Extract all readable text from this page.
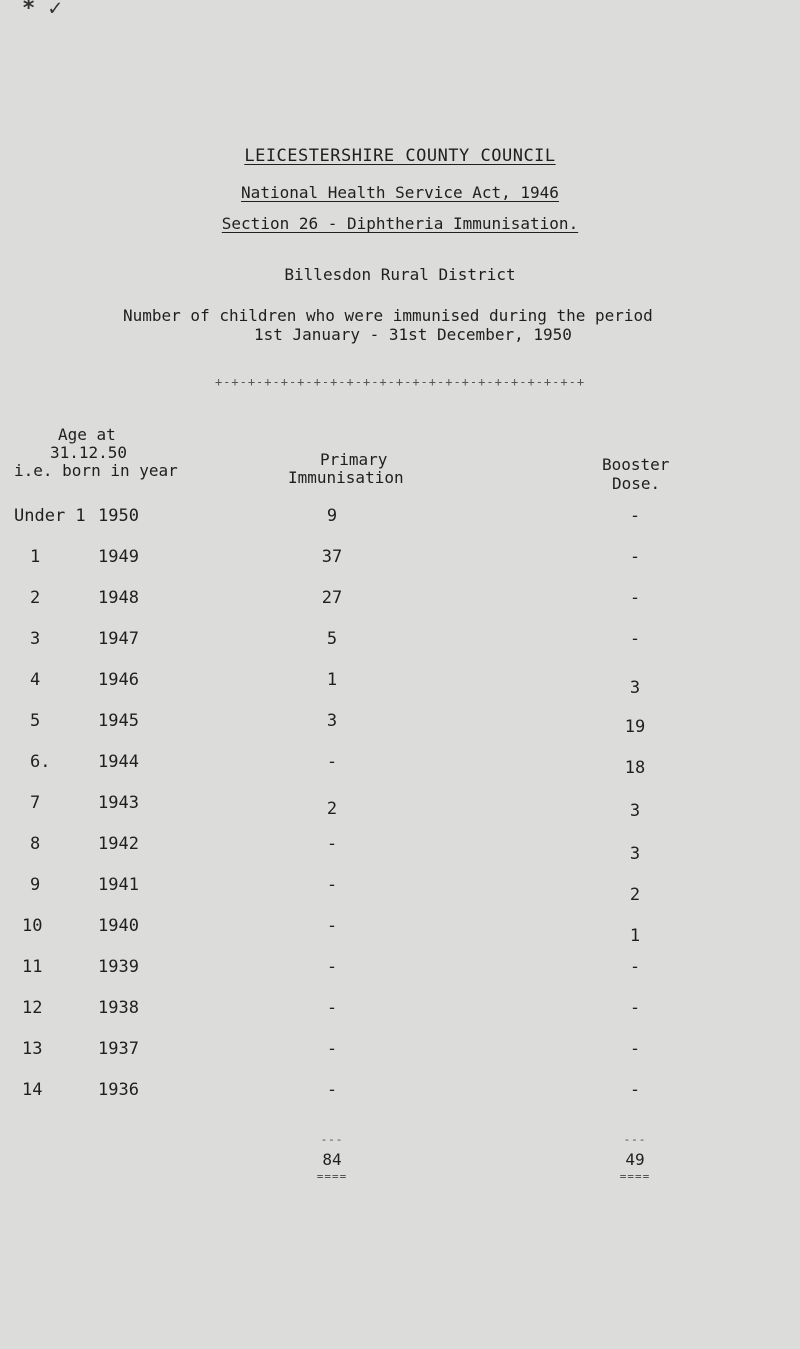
* ✓
LEICESTERSHIRE COUNTY COUNCIL
National Health Service Act, 1946
Section 26 - Diphtheria Immunisation.
Billesdon Rural District
Number of children who were immunised during the period
1st January - 31st December, 1950
+-+-+-+-+-+-+-+-+-+-+-+-+-+-+-+-+-+-+-+-+-+-+
Age at
31.12.50
i.e. born in year
Primary
Immunisation
Booster
Dose.
Under 1 1950	9	-
1	1949	37	-
2	1948	27	-
3	1947	5	-
4	1946	1	3
5	1945	3	19
6.	1944	-	18
7	1943	2	3
8	1942	-	3
9	1941	-	2
10	1940	-	1
11	1939	-	-
12	1938	-	-
13	1937	-	-
14	1936	-	-
---	---
84	49
====	====
